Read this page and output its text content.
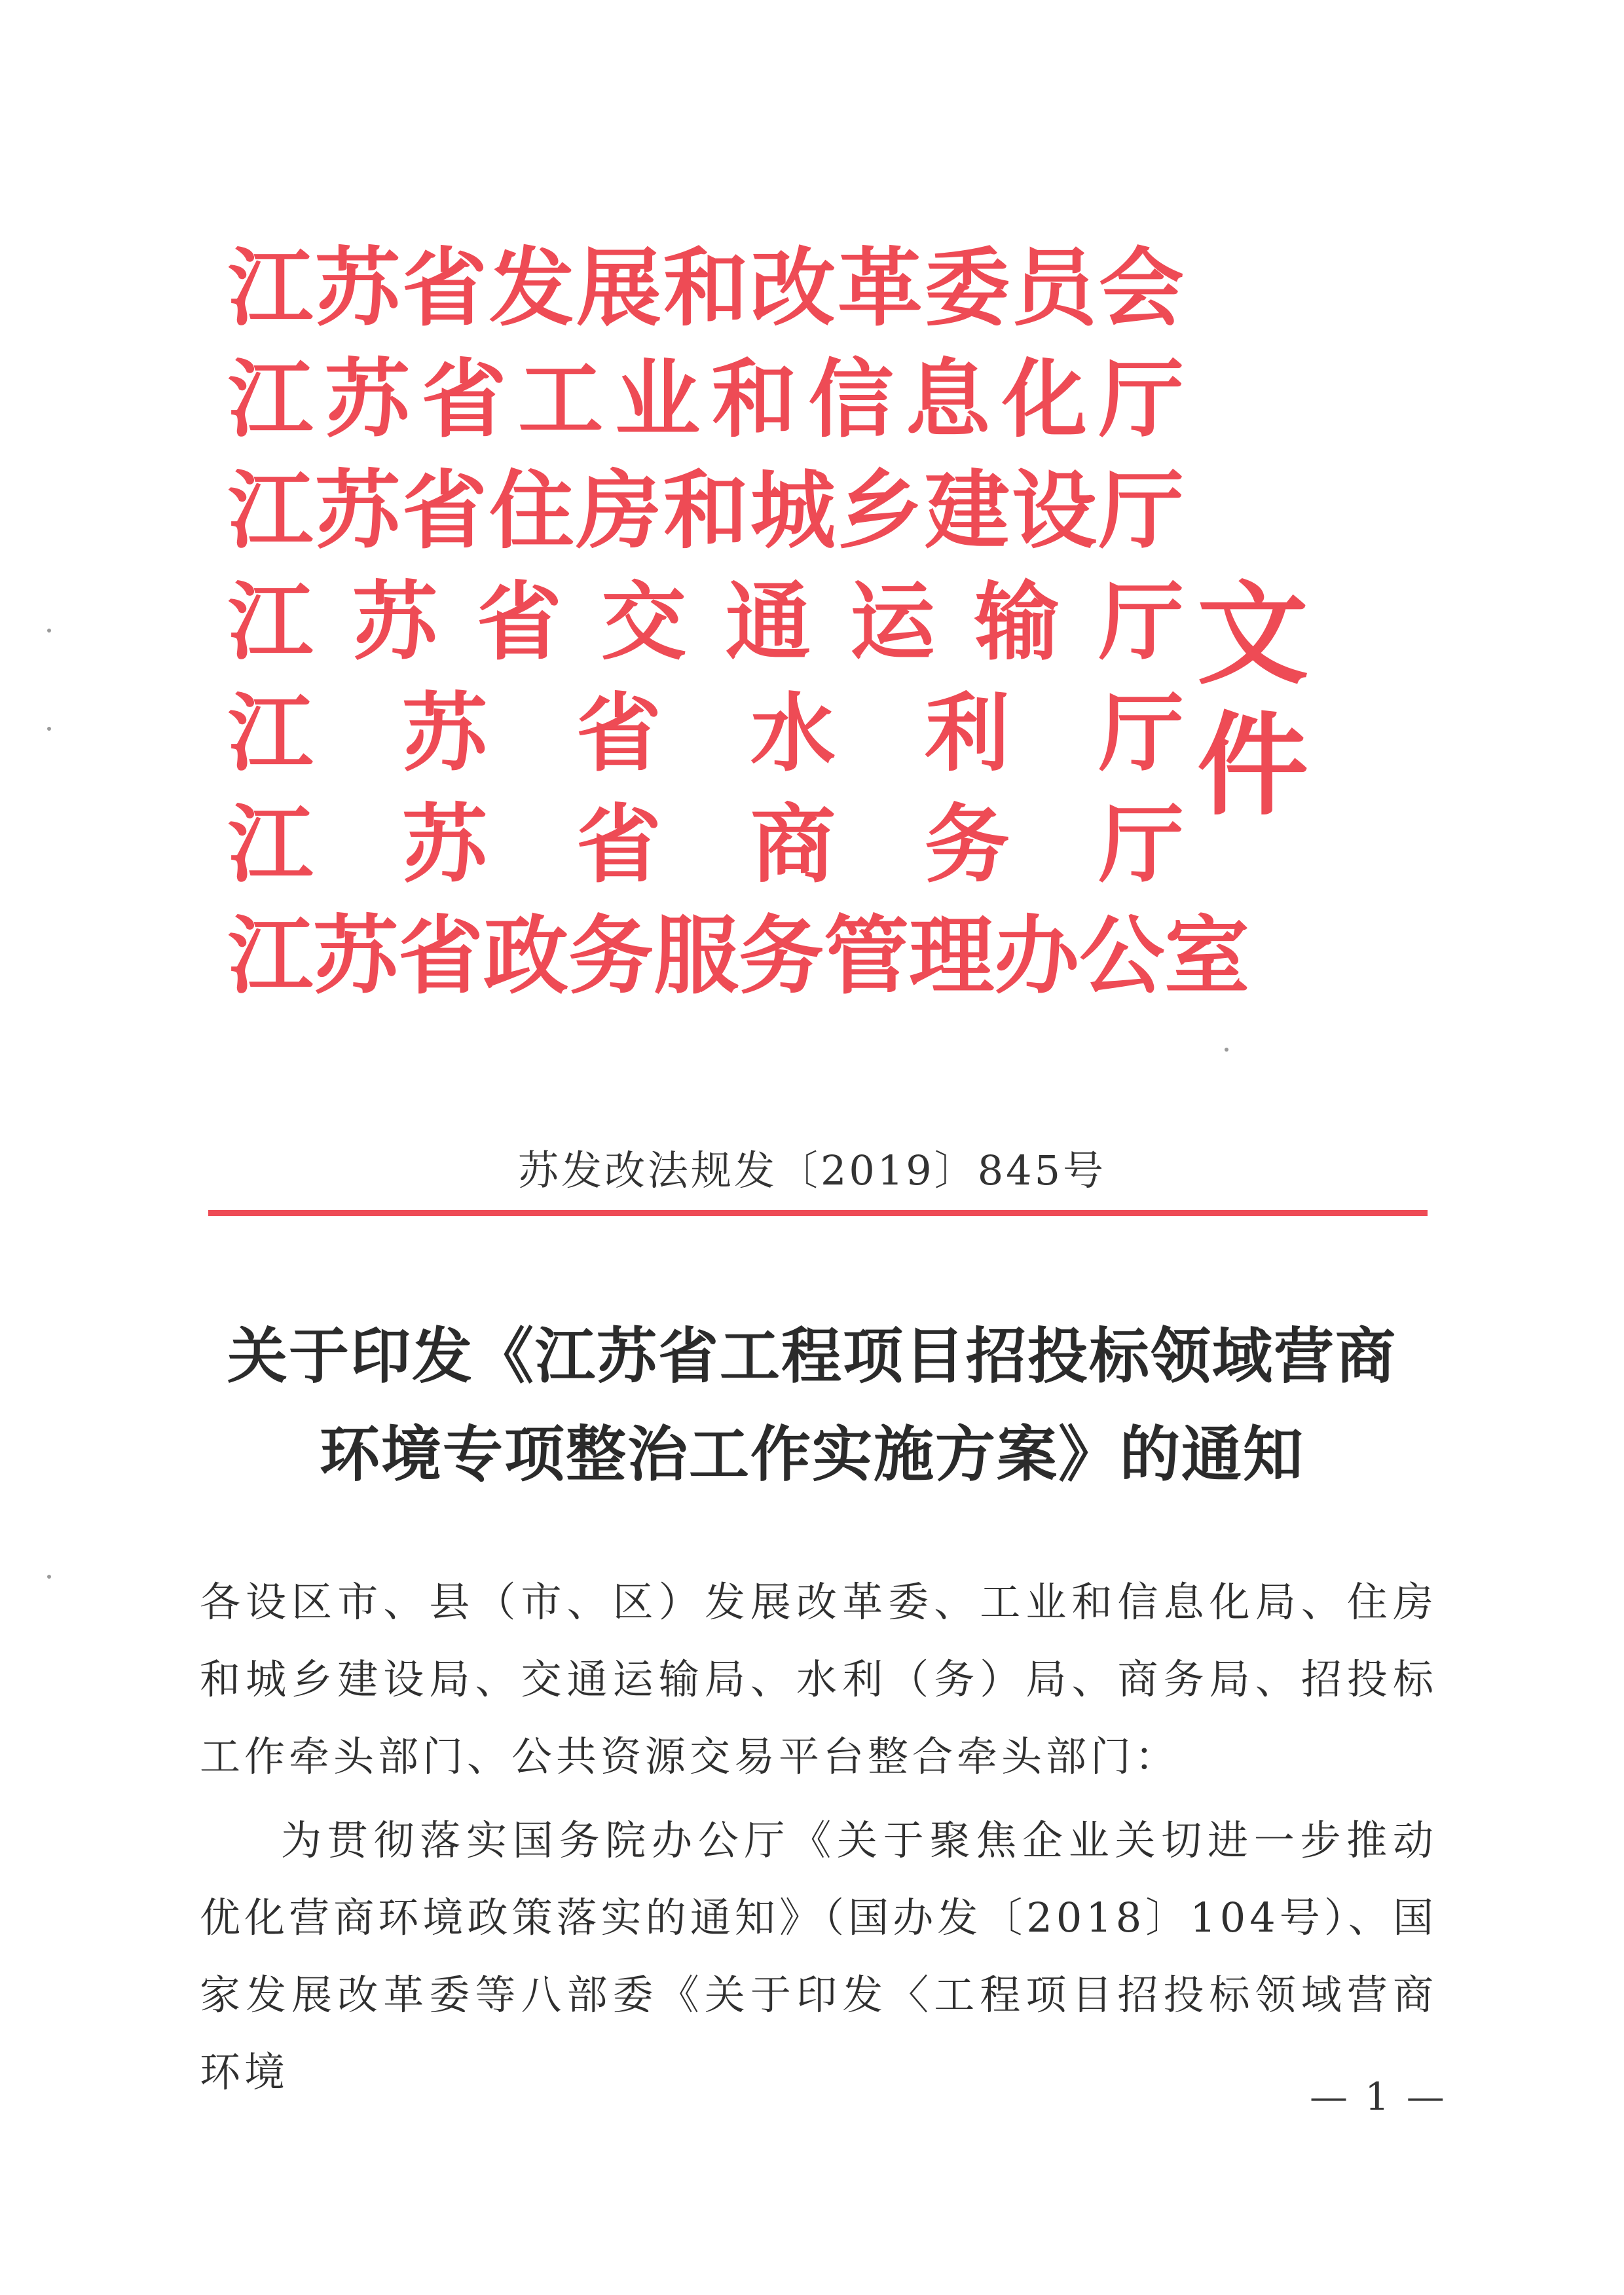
江 苏 省 发 展 和 改 革 委 员 会
江 苏 省 工 业 和 信 息 化 厅
江 苏 省 住 房 和 城 乡 建 设 厅
江 苏 省 交 通 运 输 厅
江 苏 省 水 利 厅
江 苏 省 商 务 厅
江 苏 省 政 务 服 务 管 理 办 公 室
文件
苏发改法规发〔2019〕845号
关于印发《江苏省工程项目招投标领域营商
环境专项整治工作实施方案》的通知
各设区市、县（市、区）发展改革委、工业和信息化局、住房和城乡建设局、交通运输局、水利（务）局、商务局、招投标工作牵头部门、公共资源交易平台整合牵头部门：
为贯彻落实国务院办公厅《关于聚焦企业关切进一步推动优化营商环境政策落实的通知》（国办发〔2018〕104号）、国家发展改革委等八部委《关于印发〈工程项目招投标领域营商环境
— 1 —
